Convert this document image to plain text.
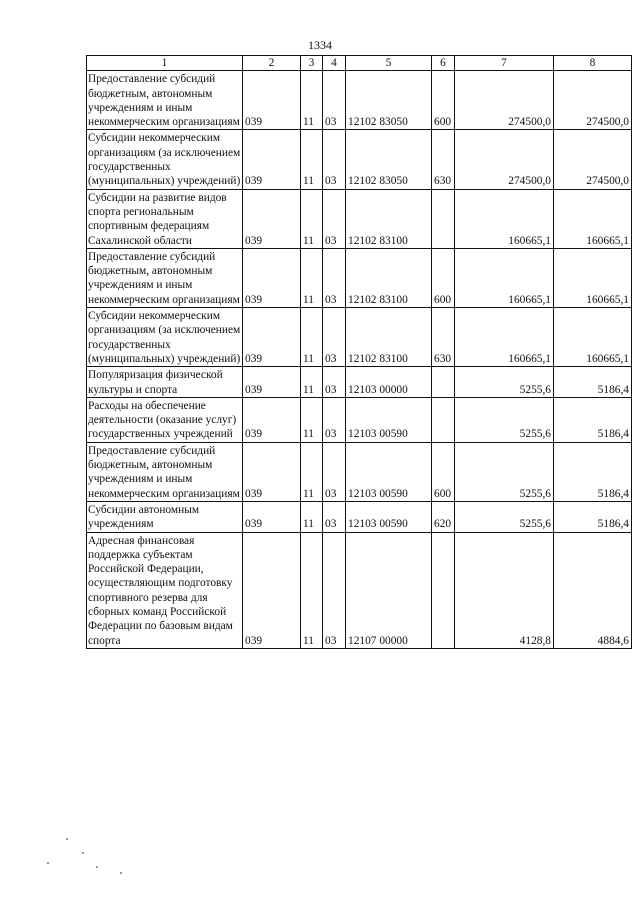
1334
1	2	3	4	5	6	7	8
Предоставление субсидий бюджетным, автономным учреждениям и иным некоммерческим организациям	039	11	03	12102 83050	600	274500,0	274500,0
Субсидии некоммерческим организациям (за исключением государственных (муниципальных) учреждений)	039	11	03	12102 83050	630	274500,0	274500,0
Субсидии на развитие видов спорта региональным спортивным федерациям Сахалинской области	039	11	03	12102 83100		160665,1	160665,1
Предоставление субсидий бюджетным, автономным учреждениям и иным некоммерческим организациям	039	11	03	12102 83100	600	160665,1	160665,1
Субсидии некоммерческим организациям (за исключением государственных (муниципальных) учреждений)	039	11	03	12102 83100	630	160665,1	160665,1
Популяризация физической культуры и спорта	039	11	03	12103 00000		5255,6	5186,4
Расходы на обеспечение деятельности (оказание услуг) государственных учреждений	039	11	03	12103 00590		5255,6	5186,4
Предоставление субсидий бюджетным, автономным учреждениям и иным некоммерческим организациям	039	11	03	12103 00590	600	5255,6	5186,4
Субсидии автономным учреждениям	039	11	03	12103 00590	620	5255,6	5186,4
Адресная финансовая поддержка субъектам Российской Федерации, осуществляющим подготовку спортивного резерва для сборных команд Российской Федерации по базовым видам спорта	039	11	03	12107 00000		4128,8	4884,6
